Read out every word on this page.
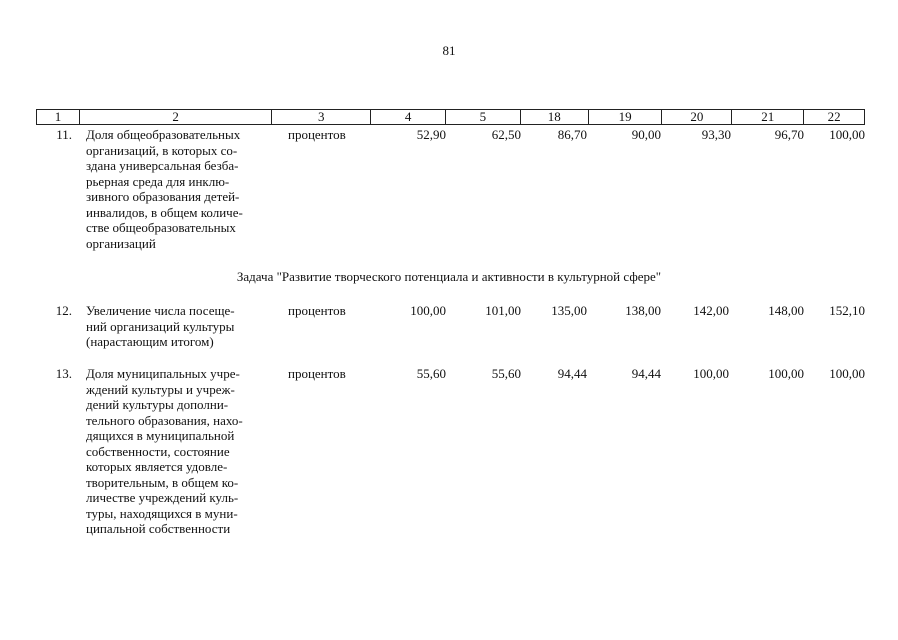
81
1	2	3	4	5	18	19	20	21	22
11. Доля общеобразовательных
организаций, в которых со-
здана универсальная безба-
рьерная среда для инклю-
зивного образования детей-
инвалидов, в общем количе-
стве общеобразовательных
организаций
процентов	52,90	62,50	86,70	90,00	93,30	96,70	100,00
Задача "Развитие творческого потенциала и активности в культурной сфере"
12. Увеличение числа посеще-
ний организаций культуры
(нарастающим итогом)
процентов	100,00	101,00	135,00	138,00	142,00	148,00	152,10
13. Доля муниципальных учре-
ждений культуры и учреж-
дений культуры дополни-
тельного образования, нахо-
дящихся в муниципальной
собственности, состояние
которых является удовле-
творительным, в общем ко-
личестве учреждений куль-
туры, находящихся в муни-
ципальной собственности
процентов	55,60	55,60	94,44	94,44	100,00	100,00	100,00
